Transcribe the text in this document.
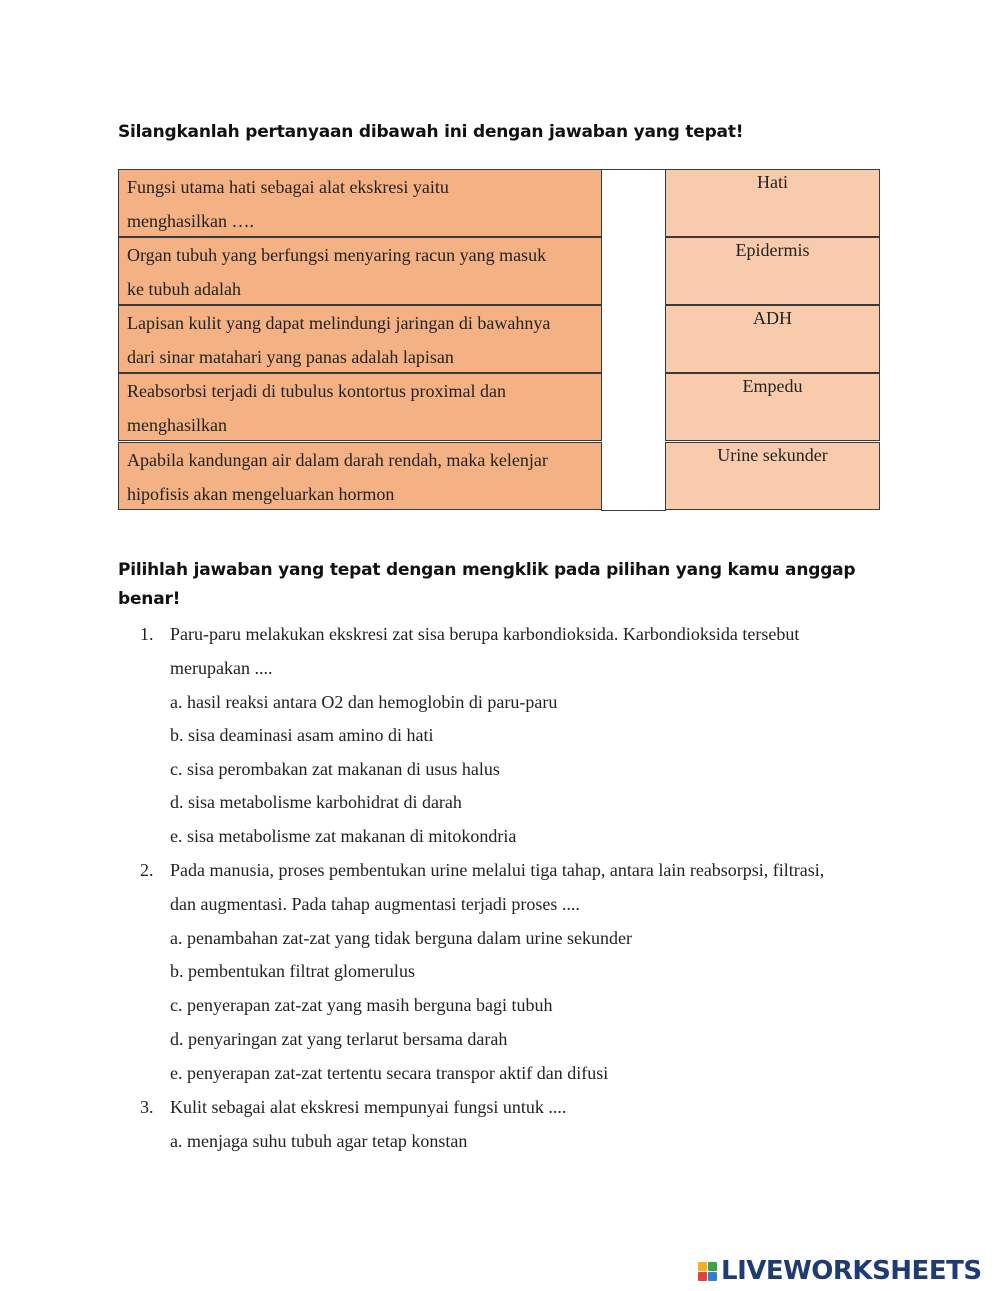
Silangkanlah pertanyaan dibawah ini dengan jawaban yang tepat!
Fungsi utama hati sebagai alat ekskresi yaitu
menghasilkan ….
Hati
Organ tubuh yang berfungsi menyaring racun yang masuk
ke tubuh adalah
Epidermis
Lapisan kulit yang dapat melindungi jaringan di bawahnya
dari sinar matahari yang panas adalah lapisan
ADH
Reabsorbsi terjadi di tubulus kontortus proximal dan
menghasilkan
Empedu
Apabila kandungan air dalam darah rendah, maka kelenjar
hipofisis akan mengeluarkan hormon
Urine sekunder
Pilihlah jawaban yang tepat dengan mengklik pada pilihan yang kamu anggap benar!
1. Paru-paru melakukan ekskresi zat sisa berupa karbondioksida. Karbondioksida tersebut
merupakan ....
a. hasil reaksi antara O2 dan hemoglobin di paru-paru
b. sisa deaminasi asam amino di hati
c. sisa perombakan zat makanan di usus halus
d. sisa metabolisme karbohidrat di darah
e. sisa metabolisme zat makanan di mitokondria
2. Pada manusia, proses pembentukan urine melalui tiga tahap, antara lain reabsorpsi, filtrasi,
dan augmentasi. Pada tahap augmentasi terjadi proses ....
a. penambahan zat-zat yang tidak berguna dalam urine sekunder
b. pembentukan filtrat glomerulus
c. penyerapan zat-zat yang masih berguna bagi tubuh
d. penyaringan zat yang terlarut bersama darah
e. penyerapan zat-zat tertentu secara transpor aktif dan difusi
3. Kulit sebagai alat ekskresi mempunyai fungsi untuk ....
a. menjaga suhu tubuh agar tetap konstan
LIVEWORKSHEETS
